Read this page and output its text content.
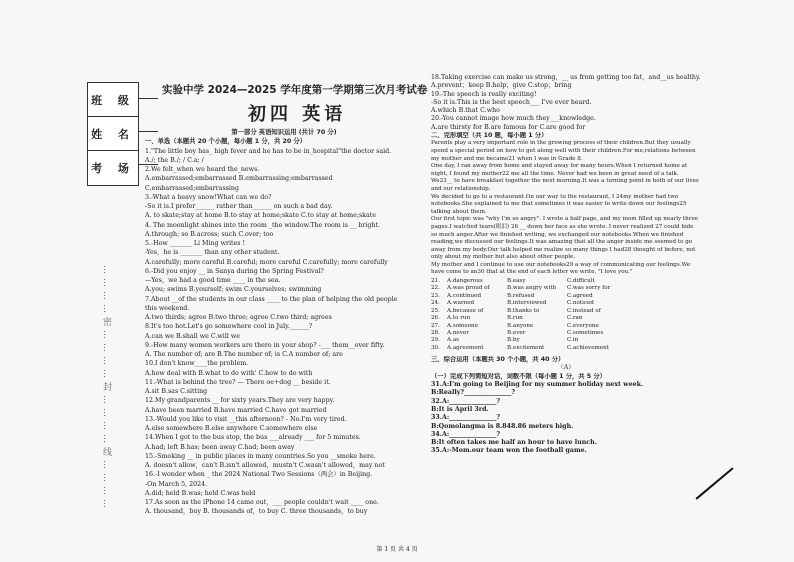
班 级
姓 名
考 场
…………密…………封…………线…………
实验中学 2024—2025 学年度第一学期第三次月考试卷
初四 英语
第一部分 英语知识运用 (共计 70 分)
一、单选（本题共 20 个小题，每小题 1 分，共 20 分）
1."The little boy has_ high fever and he has to be in_hospital"the doctor said.
A./; the B./; / C.a; /
2.We felt_when we heard the_news.
A.embarrassed;embarrassed B.embarrassing;embarrassed
C.embarrassed;embarrassing
3.-What a heavy snow!What can we do?
-So it is.I prefer______ rather than______ on such a bad day.
A. to skate;stay at home B.to stay at home;skate C.to stay at home;skate
4. The moonlight shines into the room _the window.The room is __ bright.
A.through; so B.across; such C.over; too
5.-How _______ Li Ming writes !
-Yes，he is _______ than any other student.
A.carefully; more careful B.careful; more careful C.carefully; more carefully
6.-Did you enjoy __ in Sanya during the Spring Festival?
—Yes，we had a good time ____ in the sea.
A.you; swims B.yourself; swim C.yourselves; swimming
7.About __of the students in our class ____ to the plan of helping the old people
this weekend.
A.two thirds; agree B.two three; agree C.two third; agrees
8.It's too hot.Let's go somewhere cool in July.______?
A.can we B.shall we C.will we
9.-How many women workers are there in your shop? -___ them__over fifty.
A. The number of; are B.The number of; is C.A number of; are
10.I don't know____the problem.
A.how deal with B.what to do with' C.how to do with
11.-What is behind the tree? — There oe+dog __ beside it.
A.sit B.sas C.sitting
12.My grandparents __ for sixty years.They are very happy.
A.have been married B.have married C.have got married
13.-Would you like to visit __this afternoon? - No.I'm very tired.
A.else somewhere B.else anywhere C.somewhere else
14.When I got to the bus stop, the bus ___already ___ for 5 minutes.
A.had; left B.has; been away C.had; been away
15.-Smoking __ in public places in many countries.So you __smoke here.
A. doesn't allow，can't B.isn't allowed，mustn't C.wasn't allowed，may not
16.-I wonder when _ the 2024 National Two Sessions（两会）in Beijing.
-On March 5, 2024.
A.did; held B.was; held C.was held
17.As soon as the iPhone 14 came out，___ people couldn't wait ____ one.
A. thousand，buy B. thousands of，to buy C. three thousands，to buy
18.Taking exercise can make us strong，__ us from getting too fat，and__us healthy.
A.prevent；keep B.help；give C.stop；bring
19.-The speech is really exciting!
-So it is.This is the best speech___ I've ever heard.
A.which B.that C.who
20.-You cannot image how much they___knowledge.
A.are thirsty for B.are famous for C.are good for
二、完形填空（共 10 题，每小题 1 分）
Parents play a very important role in the growing process of their children.But they usually spend a special period on how to get along well with their children.For me,relations between my mother and me became21 when I was in Grade 8.
One day, I ran away from home and stayed away for many hours.When I returned home at night, I found my mother22 me all the time. Never had we been in great need of a talk. We23__ to have breakfast together the next morning.It was a turning point in both of our lives and our relationship.
We decided to go to a restaurant.On our way to the restaurant, I 24my mother had two notebooks.She explained to me that sometimes it was easier to write down our feelings25 talking about them.
Our first topic was "why I'm so angry". I wrote a half page, and my mom filled up nearly three pages.I watched tears(眼泪) 26 __ down her face as she wrote. I never realized 27 could hide so much anger.After we finished writing, we exchanged our notebooks.When we finished reading,we discussed our feelings.It was amazing that all the anger inside me seemed to go away from my body.Our talk helped me realize so many things I had28 thought of before, not only about my mother but also about other people.
My mother and I continue to use our notebooks29 a way of communicating our feelings.We have come to an30 that at the end of each letter we write, "I love you."
21.	A.dangerous	B.easy	C.difficult
22.	A.was proud of	B.was angry with	C.was sorry for
23.	A.continued	B.refused	C.agreed
24.	A.warned	B.interviewed	C.noticed
25.	A.because of	B.thanks to	C.instead of
26.	A.to run	B.run	C.ran
27.	A.someone	B.anyone	C.everyone
28.	A.never	B.ever	C.sometimes
29.	A.as	B.by	C.in
30.	A.agreement	B.excitement	C.achievement
三、综合运用（本题共 30 个小题，共 40 分）
（A）
（一）完成下列简短对话，词数不限（每小题 1 分，共 5 分）
31.A:I'm going to Beijing for my summer holiday next week.
B:Really?_______________?
32.A:_______________?
B:It is April 3rd.
33.A:_______________?
B:Qomolangma is 8.848.86 meters high.
34.A:_______________?
B:It often takes me half an hour to have lunch.
35.A:-Mom.our team won the football game.
第 1 页 共 4 页
